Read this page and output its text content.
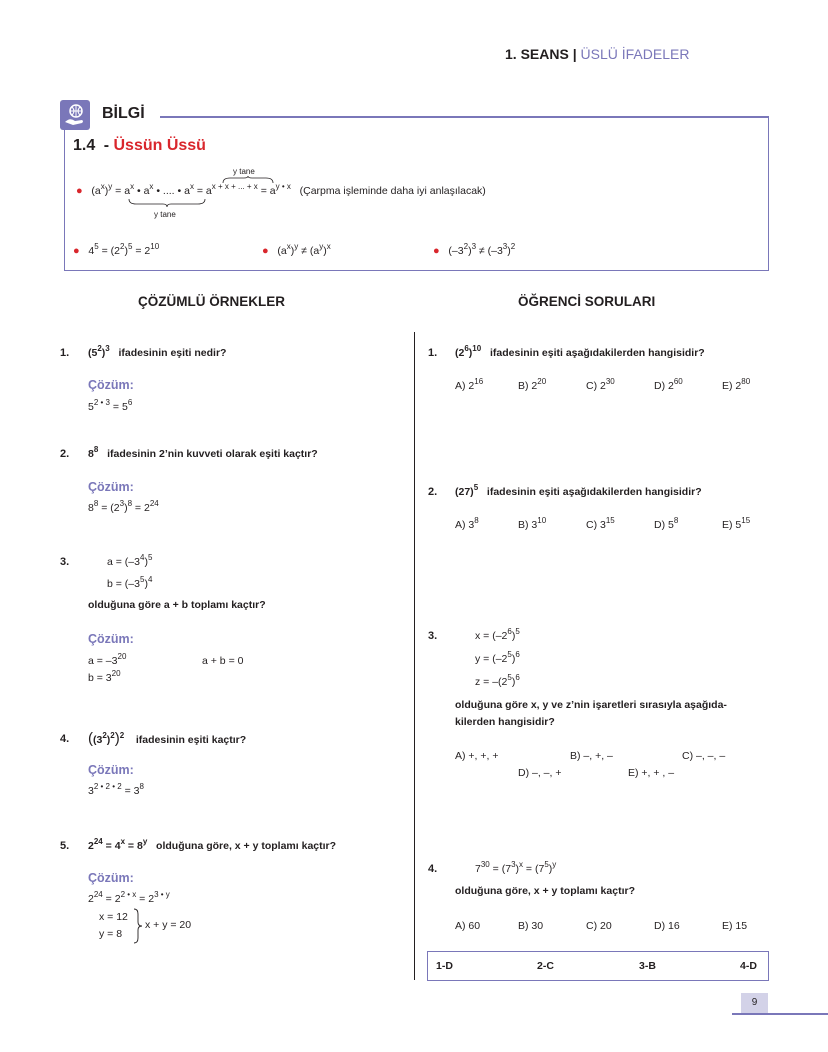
1. SEANS | ÜSLÜ İFADELER
BİLGİ
1.4 - Üssün Üssü
●   $(a^x)^y = a^x$ • $a^x$ • .... • $a^x = a^{x + x + ... + x} = a^{y • x}$ (Çarpma işleminde daha iyi anlaşılacak)
y tane
y tane
● $4^5 = (2^2)^5 = 2^{10}$	● $(a^x)^y \ne (a^y)^x$	● $(-3^2)^3 \ne (-3^3)^2$
ÇÖZÜMLÜ ÖRNEKLER	ÖĞRENCİ SORULARI
1. $(5^2)^3$ ifadesinin eşiti nedir?
Çözüm:
$5^{2 • 3} = 5^6$
2. $8^8$ ifadesinin 2’nin kuvveti olarak eşiti kaçtır?
Çözüm:
$8^8 = (2^3)^8 = 2^{24}$
3.	$a = (-3^4)^5$
$b = (-3^5)^4$
olduğuna göre a + b toplamı kaçtır?
Çözüm:
$a = -3^{20}$
$b = 3^{20}$
a + b = 0
4. $((3^2)^2)^2$ ifadesinin eşiti kaçtır?
Çözüm:
$3^{2 • 2 • 2} = 3^8$
5. $2^{24} = 4^x = 8^y$ olduğuna göre, x + y toplamı kaçtır?
Çözüm:
$2^{24} = 2^{2 • x} = 2^{3 • y}$
x = 12
y = 8
x + y = 20
1. $(2^6)^{10}$ ifadesinin eşiti aşağıdakilerden hangisidir?
A) $2^{16}$	B) $2^{20}$	C) $2^{30}$	D) $2^{60}$	E) $2^{80}$
2. $(27)^5$ ifadesinin eşiti aşağıdakilerden hangisidir?
A) $3^8$	B) $3^{10}$	C) $3^{15}$	D) $5^8$	E) $5^{15}$
3.	$x = (-2^6)^5$
$y = (-2^5)^6$
$z = -(2^5)^6$
olduğuna göre x, y ve z’nin işaretleri sırasıyla aşağıda-
kilerden hangisidir?
A) +, +, +	B) –, +, –	C) –, –, –
D) –, –, +	E) +, + , –
4.	$7^{30} = (7^3)^x = (7^5)^y$
olduğuna göre, x + y toplamı kaçtır?
A) 60	B) 30	C) 20	D) 16	E) 15
1-D	2-C	3-B	4-D
9
